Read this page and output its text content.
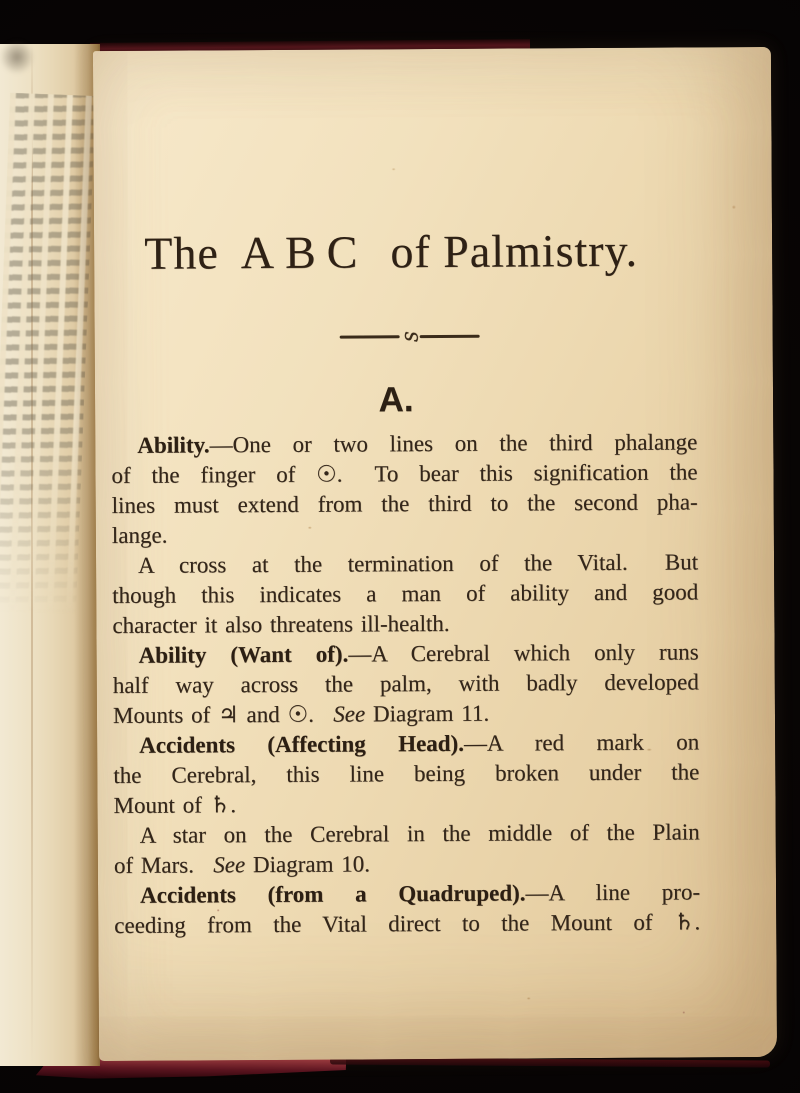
The ABC of Palmistry.
s
A.
Ability.—One or two lines on the third phalange
of the finger of ☉.  To bear this signification the
lines must extend from the third to the second pha-
lange.
A cross at the termination of the Vital.  But
though this indicates a man of ability and good
character it also threatens ill-health.
Ability (Want of).—A Cerebral which only runs
half way across the palm, with badly developed
Mounts of ♃ and ☉.  See Diagram 11.
Accidents (Affecting Head).—A red mark on
the Cerebral, this line being broken under the
Mount of ♄.
A star on the Cerebral in the middle of the Plain
of Mars.  See Diagram 10.
Accidents (from a Quadruped).—A line pro-
ceeding from the Vital direct to the Mount of ♄.
